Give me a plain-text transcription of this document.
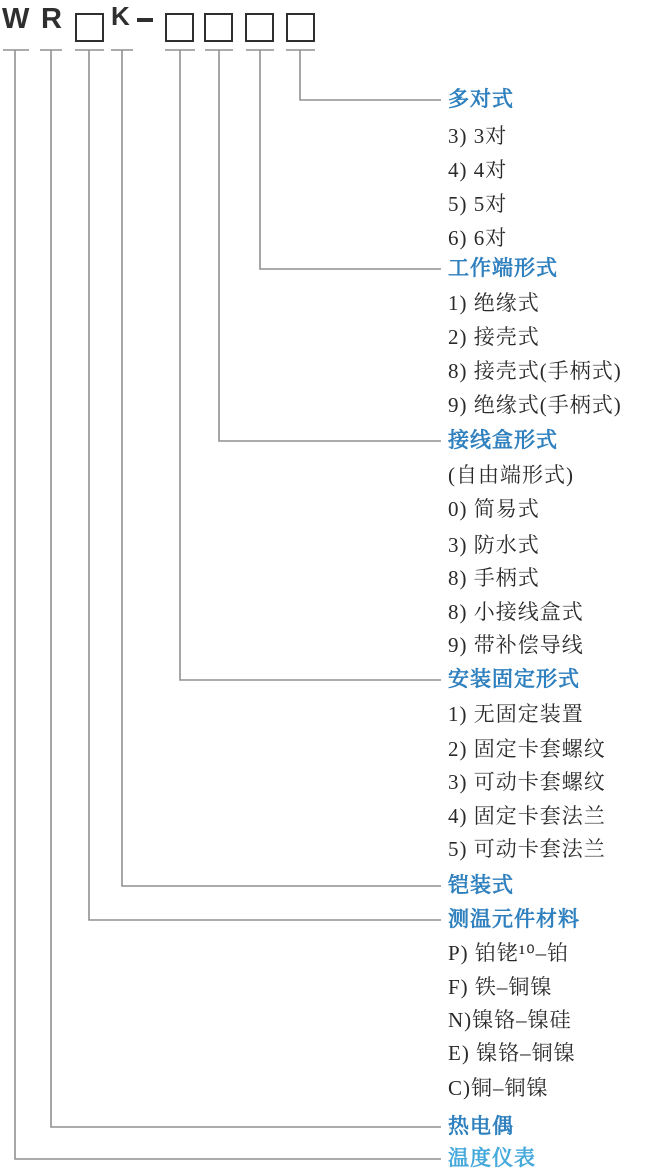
W R K
多对式
3) 3对
4) 4对
5) 5对
6) 6对
工作端形式
1) 绝缘式
2) 接壳式
8) 接壳式(手柄式)
9) 绝缘式(手柄式)
接线盒形式
(自由端形式)
0) 简易式
3) 防水式
8) 手柄式
8) 小接线盒式
9) 带补偿导线
安装固定形式
1) 无固定装置
2) 固定卡套螺纹
3) 可动卡套螺纹
4) 固定卡套法兰
5) 可动卡套法兰
铠装式
测温元件材料
P) 铂铑¹⁰–铂
F) 铁–铜镍
N)镍铬–镍硅
E) 镍铬–铜镍
C)铜–铜镍
热电偶
温度仪表
